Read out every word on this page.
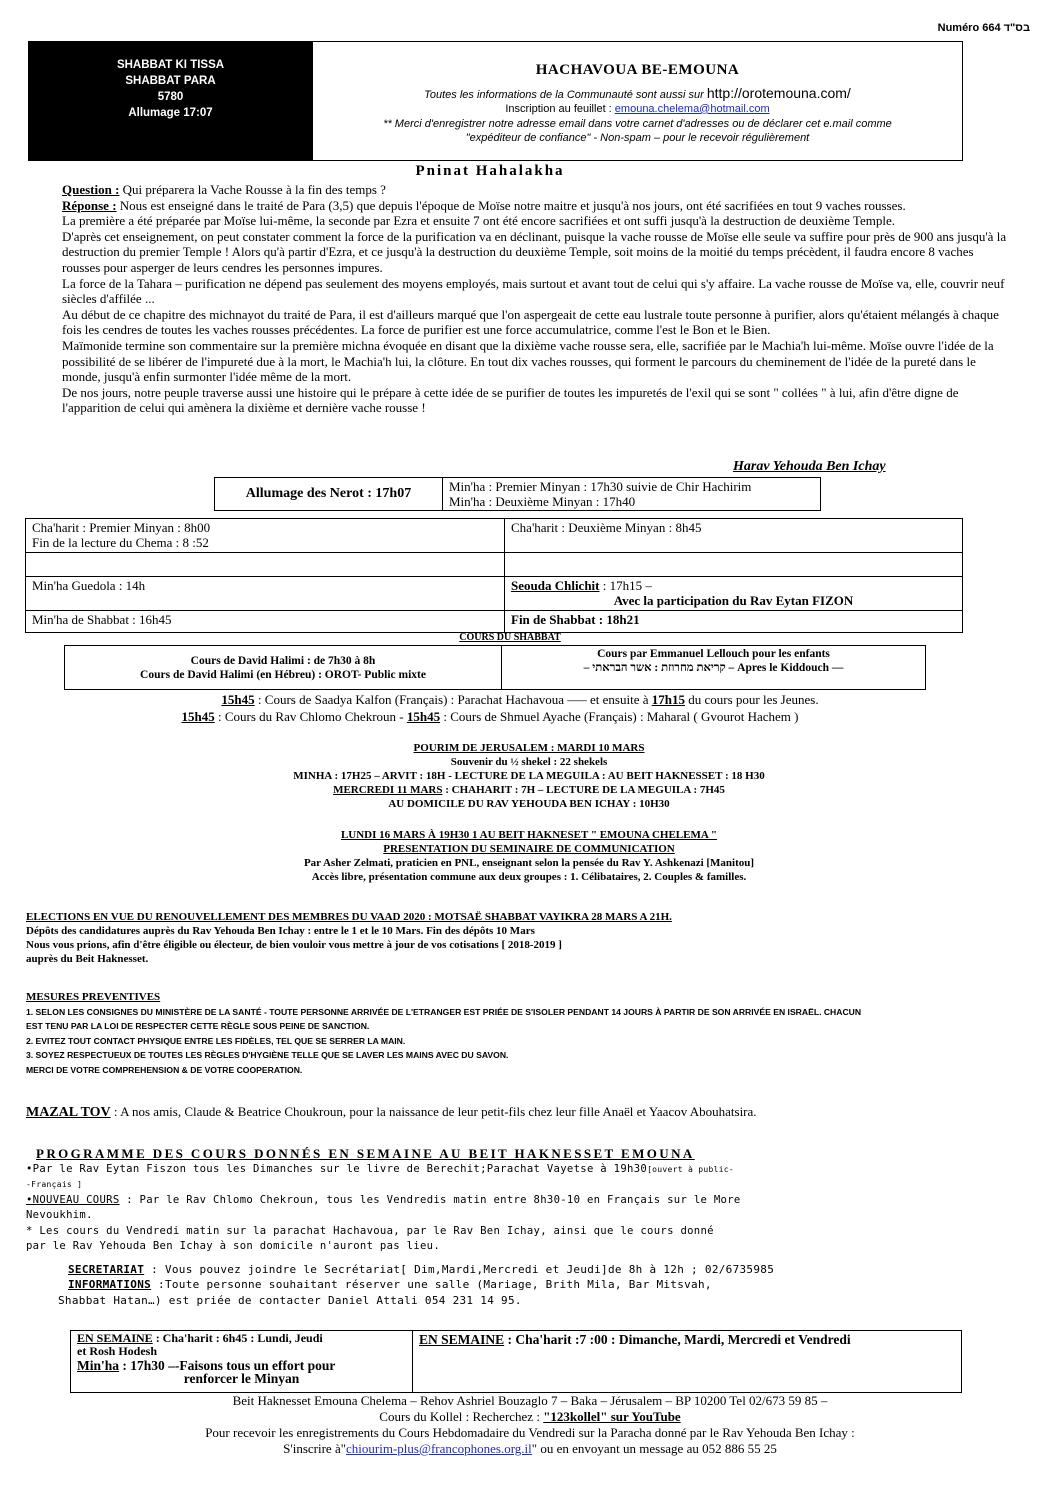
Numéro 664 בס"ד
SHABBAT KI TISSA
SHABBAT PARA
5780
Allumage 17:07
HACHAVOUA BE-EMOUNA
Toutes les informations de la Communauté sont aussi sur http://orotemouna.com/
Inscription au feuillet : emouna.chelema@hotmail.com
** Merci d'enregistrer notre adresse email dans votre carnet d'adresses ou de déclarer cet e.mail comme
"expéditeur de confiance" - Non-spam – pour le recevoir régulièrement
Pninat Hahalakha
Question : Qui préparera la Vache Rousse à la fin des temps ?
Réponse : Nous est enseigné dans le traité de Para (3,5) que depuis l'époque de Moïse notre maitre et jusqu'à nos jours, ont été sacrifiées en tout 9 vaches rousses.
La première a été préparée par Moïse lui-même, la seconde par Ezra et ensuite 7 ont été encore sacrifiées et ont suffi jusqu'à la destruction de deuxième Temple.
D'après cet enseignement, on peut constater comment la force de la purification va en déclinant, puisque la vache rousse de Moïse elle seule va suffire pour près de 900 ans jusqu'à la destruction du premier Temple ! Alors qu'à partir d'Ezra, et ce jusqu'à la destruction du deuxième Temple, soit moins de la moitié du temps précèdent, il faudra encore 8 vaches rousses pour asperger de leurs cendres les personnes impures.
La force de la Tahara – purification ne dépend pas seulement des moyens employés, mais surtout et avant tout de celui qui s'y affaire. La vache rousse de Moïse va, elle, couvrir neuf siècles d'affilée ...
Au début de ce chapitre des michnayot du traité de Para, il est d'ailleurs marqué que l'on aspergeait de cette eau lustrale toute personne à purifier, alors qu'étaient mélangés à chaque fois les cendres de toutes les vaches rousses précédentes. La force de purifier est une force accumulatrice, comme l'est le Bon et le Bien.
Maïmonide termine son commentaire sur la première michna évoquée en disant que la dixième vache rousse sera, elle, sacrifiée par le Machia'h lui-même. Moïse ouvre l'idée de la possibilité de se libérer de l'impureté due à la mort, le Machia'h lui, la clôture. En tout dix vaches rousses, qui forment le parcours du cheminement de l'idée de la pureté dans le monde, jusqu'à enfin surmonter l'idée même de la mort.
De nos jours, notre peuple traverse aussi une histoire qui le prépare à cette idée de se purifier de toutes les impuretés de l'exil qui se sont " collées " à lui, afin d'être digne de l'apparition de celui qui amènera la dixième et dernière vache rousse !
Harav Yehouda Ben Ichay
Allumage des Nerot : 17h07	Min'ha : Premier Minyan : 17h30 suivie de Chir Hachirim
Min'ha : Deuxième Minyan : 17h40
Cha'harit : Premier Minyan : 8h00
Fin de la lecture du Chema : 8 :52	Cha'harit : Deuxième Minyan : 8h45

Min'ha Guedola : 14h	Seouda Chlichit : 17h15 –
Avec la participation du Rav Eytan FIZON

Min'ha de Shabbat : 16h45	Fin de Shabbat : 18h21
COURS DU SHABBAT
Cours de David Halimi : de 7h30 à 8h
Cours de David Halimi (en Hébreu) : OROT- Public mixte

Cours par Emmanuel Lellouch pour les enfants
– קריאת מחרוזת : אשר הבראתי – Apres le Kiddouch ––
15h45 : Cours de Saadya Kalfon (Français) : Parachat Hachavoua ––– et ensuite à 17h15 du cours pour les Jeunes.
15h45 : Cours du Rav Chlomo Chekroun - 15h45 : Cours de Shmuel Ayache (Français) : Maharal ( Gvourot Hachem )
POURIM DE JERUSALEM : MARDI 10 MARS
Souvenir du ½ shekel : 22 shekels
MINHA : 17H25 – ARVIT : 18H - LECTURE DE LA MEGUILA : AU BEIT HAKNESSET : 18 H30
MERCREDI 11 MARS : CHAHARIT : 7H – LECTURE DE LA MEGUILA : 7H45
AU DOMICILE DU RAV YEHOUDA BEN ICHAY : 10H30
LUNDI 16 MARS À 19H30 1 AU BEIT HAKNESET " EMOUNA CHELEMA "
PRESENTATION DU SEMINAIRE DE COMMUNICATION
Par Asher Zelmati, praticien en PNL, enseignant selon la pensée du Rav Y. Ashkenazi [Manitou]
Accès libre, présentation commune aux deux groupes : 1. Célibataires, 2. Couples & familles.
ELECTIONS EN VUE DU RENOUVELLEMENT DES MEMBRES DU VAAD 2020 : MOTSAË SHABBAT VAYIKRA 28 MARS A 21H.
Dépôts des candidatures auprès du Rav Yehouda Ben Ichay : entre le 1 et le 10 Mars. Fin des dépôts 10 Mars
Nous vous prions, afin d'être éligible ou électeur, de bien vouloir vous mettre à jour de vos cotisations [ 2018-2019 ]
auprès du Beit Haknesset.
MESURES PREVENTIVES
1. SELON LES CONSIGNES DU MINISTÈRE DE LA SANTÉ - TOUTE PERSONNE ARRIVÉE DE L'ETRANGER EST PRIÉE DE S'ISOLER PENDANT 14 JOURS À PARTIR DE SON ARRIVÉE EN ISRAËL. CHACUN
EST TENU PAR LA LOI DE RESPECTER CETTE RÈGLE SOUS PEINE DE SANCTION.
2. EVITEZ TOUT CONTACT PHYSIQUE ENTRE LES FIDÈLES, TEL QUE SE SERRER LA MAIN.
3. SOYEZ RESPECTUEUX DE TOUTES LES RÈGLES D'HYGIÈNE TELLE QUE SE LAVER LES MAINS AVEC DU SAVON.
MERCI DE VOTRE COMPREHENSION & DE VOTRE COOPERATION.
MAZAL TOV : A nos amis, Claude & Beatrice Choukroun, pour la naissance de leur petit-fils chez leur fille Anaël et Yaacov Abouhatsira.
PROGRAMME DES COURS DONNÉS EN SEMAINE AU BEIT HAKNESSET EMOUNA
•Par le Rav Eytan Fiszon tous les Dimanches sur le livre de Berechit;Parachat Vayetse à 19h30[ouvert à public-
-Français ]
•NOUVEAU COURS : Par le Rav Chlomo Chekroun, tous les Vendredis matin entre 8h30-10 en Français sur le More
Nevoukhim.
* Les cours du Vendredi matin sur la parachat Hachavoua, par le Rav Ben Ichay, ainsi que le cours donné
par le Rav Yehouda Ben Ichay à son domicile n'auront pas lieu.
SECRETARIAT : Vous pouvez joindre le Secrétariat[ Dim,Mardi,Mercredi et Jeudi]de 8h à 12h ; 02/6735985
INFORMATIONS :Toute personne souhaitant réserver une salle (Mariage, Brith Mila, Bar Mitsvah,
Shabbat Hatan…) est priée de contacter Daniel Attali 054 231 14 95.
EN SEMAINE : Cha'harit : 6h45 : Lundi, Jeudi
et Rosh Hodesh
Min'ha : 17h30 –-Faisons tous un effort pour
renforcer le Minyan
	EN SEMAINE : Cha'harit :7 :00 : Dimanche, Mardi, Mercredi et Vendredi
Beit Haknesset Emouna Chelema – Rehov Ashriel Bouzaglo 7 – Baka – Jérusalem – BP 10200 Tel 02/673 59 85 –
Cours du Kollel : Recherchez : "123kollel" sur YouTube
Pour recevoir les enregistrements du Cours Hebdomadaire du Vendredi sur la Paracha donné par le Rav Yehouda Ben Ichay :
S'inscrire à"chiourim-plus@francophones.org.il" ou en envoyant un message au 052 886 55 25
